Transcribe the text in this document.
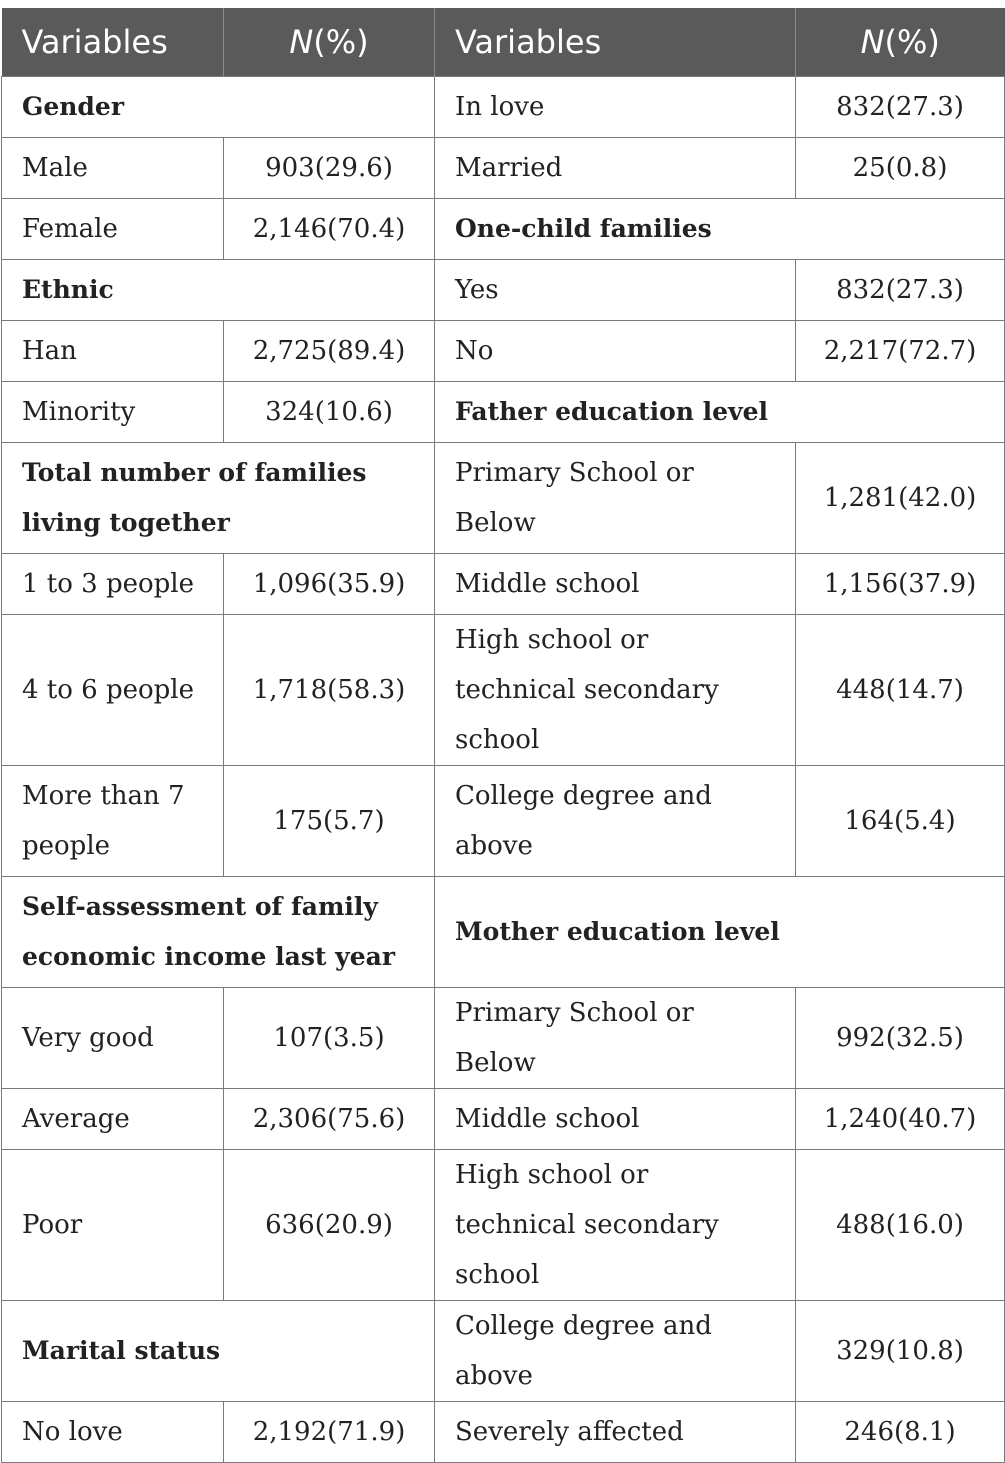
Variables	N(%)	Variables	N(%)
Gender		In love	832(27.3)
Male	903(29.6)	Married	25(0.8)
Female	2,146(70.4)	One-child families	
Ethnic		Yes	832(27.3)
Han	2,725(89.4)	No	2,217(72.7)
Minority	324(10.6)	Father education level	
Total number of families living together		Primary School or Below	1,281(42.0)
1 to 3 people	1,096(35.9)	Middle school	1,156(37.9)
4 to 6 people	1,718(58.3)	High school or technical secondary school	448(14.7)
More than 7 people	175(5.7)	College degree and above	164(5.4)
Self-assessment of family economic income last year		Mother education level	
Very good	107(3.5)	Primary School or Below	992(32.5)
Average	2,306(75.6)	Middle school	1,240(40.7)
Poor	636(20.9)	High school or technical secondary school	488(16.0)
Marital status		College degree and above	329(10.8)
No love	2,192(71.9)	Severely affected	246(8.1)
